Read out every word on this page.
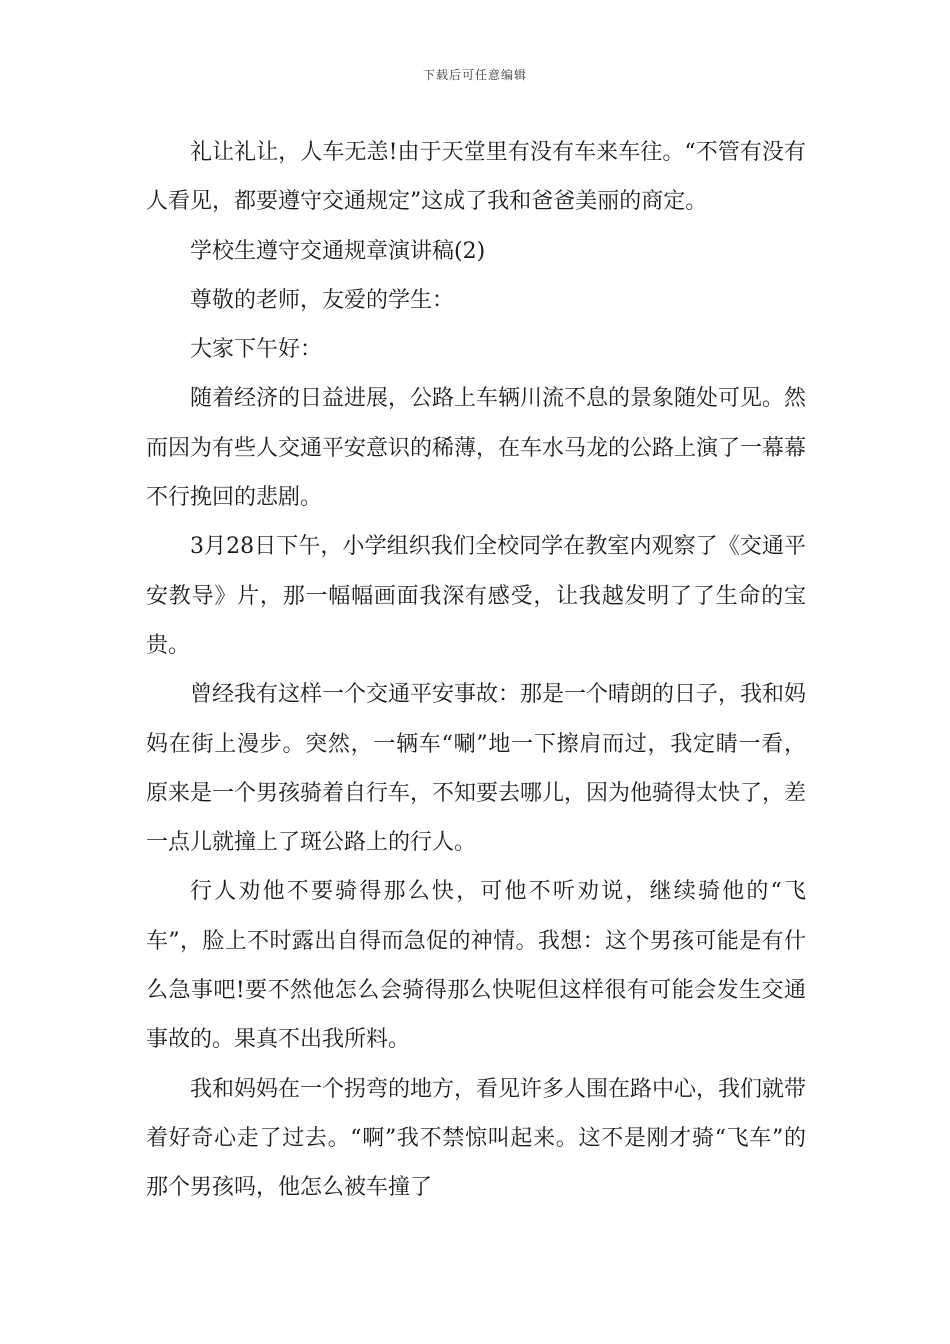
下载后可任意编辑

礼让礼让，人车无恙!由于天堂里有没有车来车往。“不管有没有人看见，都要遵守交通规定”这成了我和爸爸美丽的商定。

学校生遵守交通规章演讲稿(2)

尊敬的老师，友爱的学生：

大家下午好：

随着经济的日益进展，公路上车辆川流不息的景象随处可见。然而因为有些人交通平安意识的稀薄，在车水马龙的公路上演了一幕幕不行挽回的悲剧。

3月28日下午，小学组织我们全校同学在教室内观察了《交通平安教导》片，那一幅幅画面我深有感受，让我越发明了了生命的宝贵。

曾经我有这样一个交通平安事故：那是一个晴朗的日子，我和妈妈在街上漫步。突然，一辆车“唰”地一下擦肩而过，我定睛一看，原来是一个男孩骑着自行车，不知要去哪儿，因为他骑得太快了，差一点儿就撞上了斑公路上的行人。

行人劝他不要骑得那么快，可他不听劝说，继续骑他的“飞车”，脸上不时露出自得而急促的神情。我想：这个男孩可能是有什么急事吧!要不然他怎么会骑得那么快呢但这样很有可能会发生交通事故的。果真不出我所料。

我和妈妈在一个拐弯的地方，看见许多人围在路中心，我们就带着好奇心走了过去。“啊”我不禁惊叫起来。这不是刚才骑“飞车”的那个男孩吗，他怎么被车撞了
